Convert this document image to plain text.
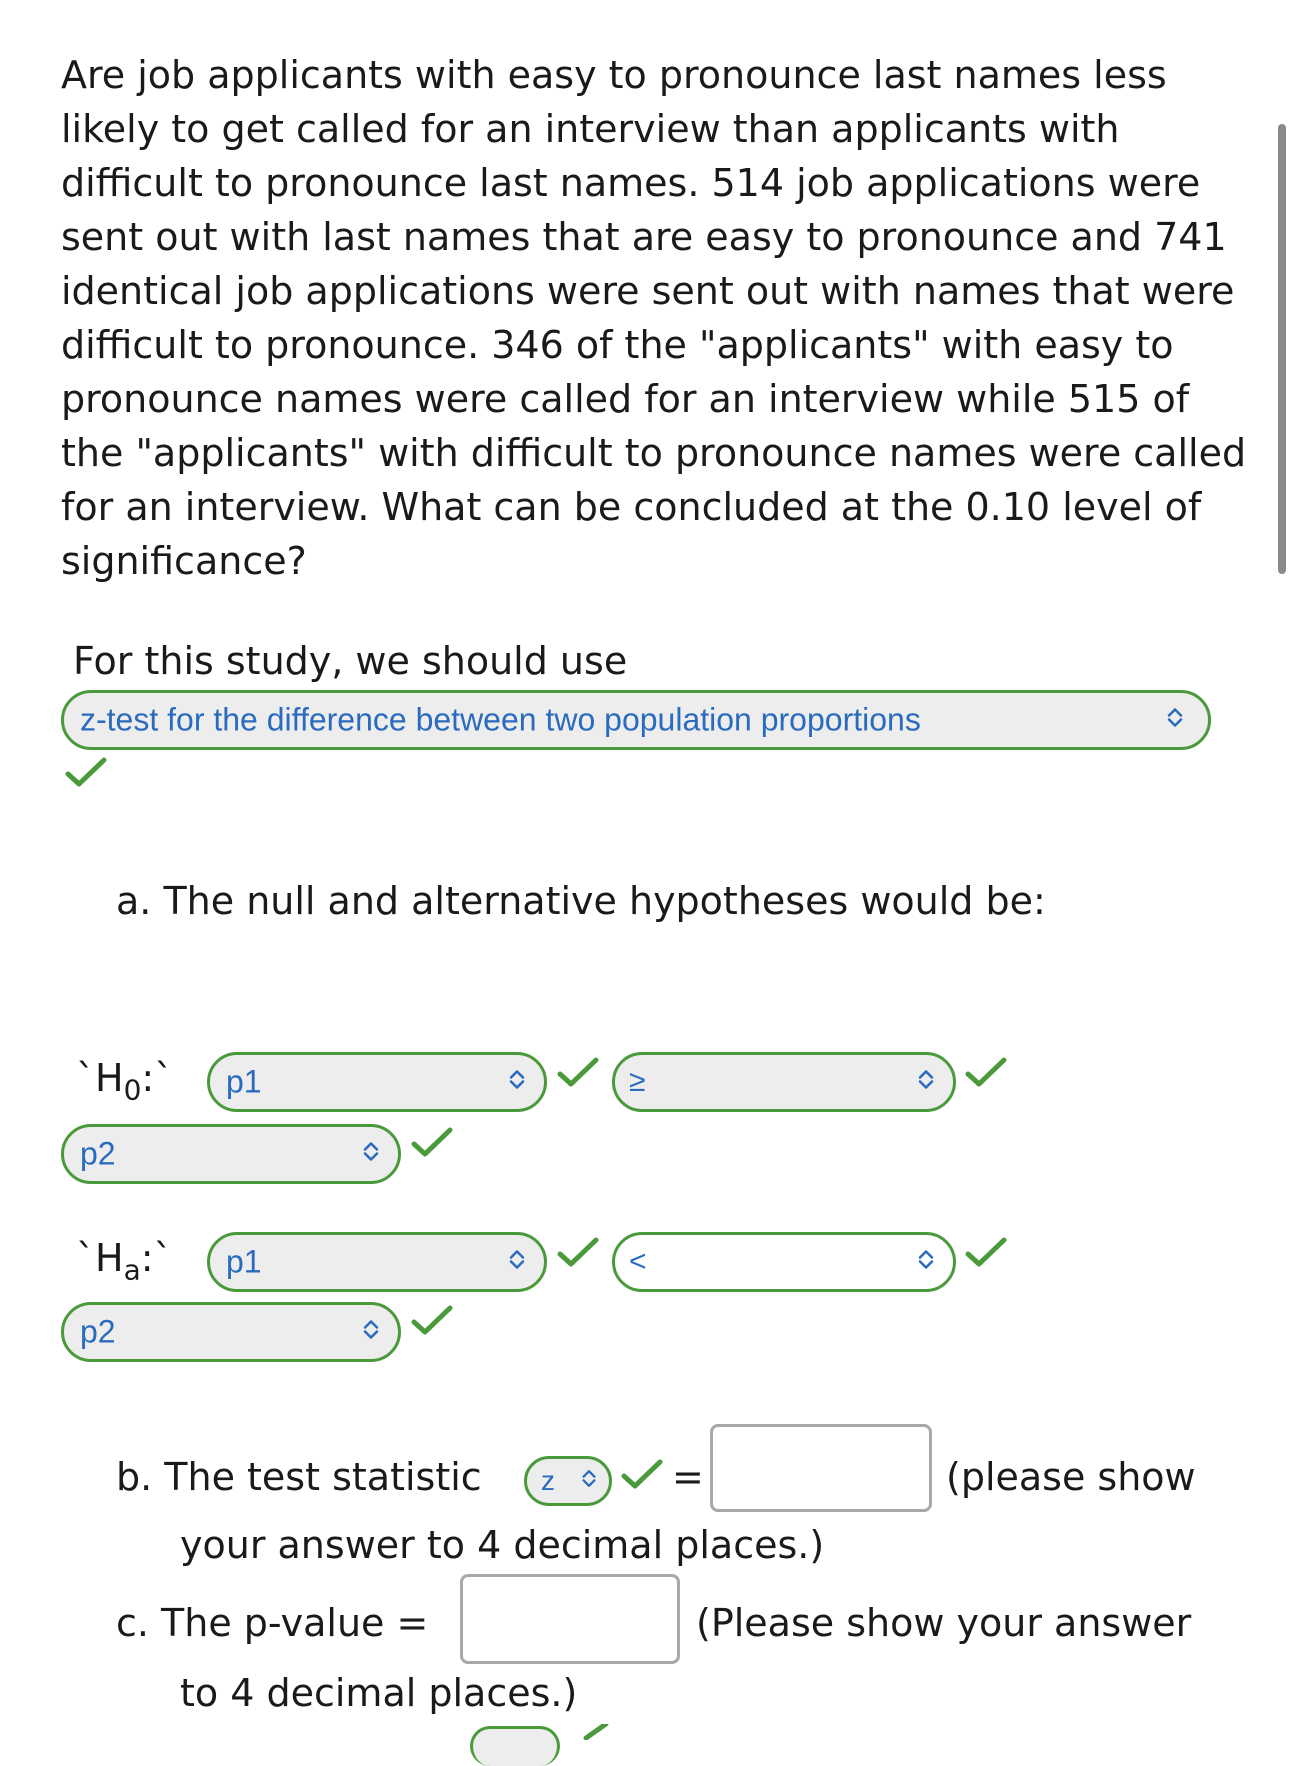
Are job applicants with easy to pronounce last names less likely to get called for an interview than applicants with difficult to pronounce last names. 514 job applications were sent out with last names that are easy to pronounce and 741 identical job applications were sent out with names that were difficult to pronounce. 346 of the "applicants" with easy to pronounce names were called for an interview while 515 of the "applicants" with difficult to pronounce names were called for an interview. What can be concluded at the 0.10 level of significance?

For this study, we should use
z-test for the difference between two population proportions
a. The null and alternative hypotheses would be:
$`H_0:`$ p1	≥
p2
$`H_a:`$ p1	<
p2
b. The test statistic z	=	(please show
your answer to 4 decimal places.)
c. The p-value =	(Please show your answer
to 4 decimal places.)
